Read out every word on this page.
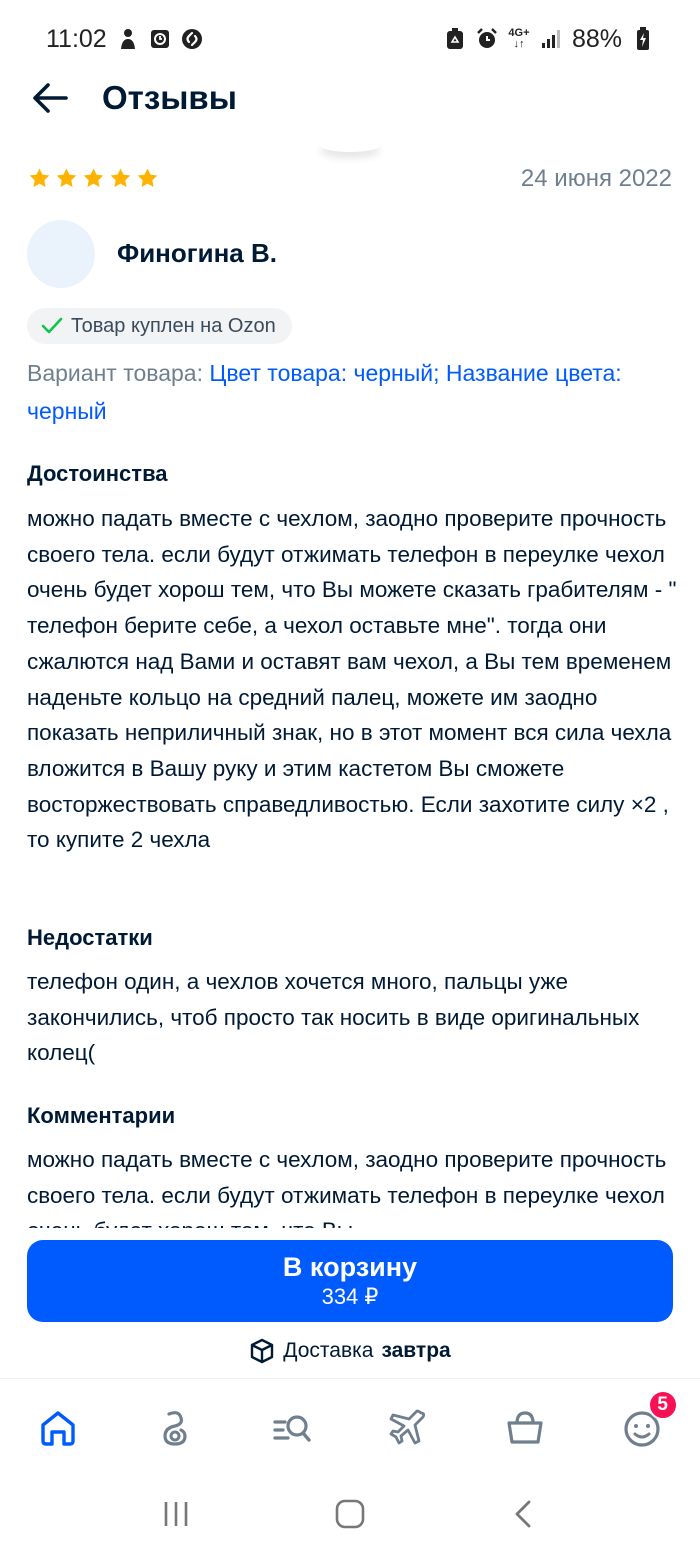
11:02	4G+
↓↑ 88%
Отзывы
24 июня 2022
Финогина В.
Товар куплен на Ozon
Вариант товара: Цвет товара: черный; Название цвета: черный
Достоинства
можно падать вместе с чехлом, заодно проверите прочность своего тела. если будут отжимать телефон в переулке чехол очень будет хорош тем, что Вы можете сказать грабителям - " телефон берите себе, а чехол оставьте мне". тогда они сжалются над Вами и оставят вам чехол, а Вы тем временем наденьте кольцо на средний палец, можете им заодно показать неприличный знак, но в этот момент вся сила чехла вложится в Вашу руку и этим кастетом Вы сможете восторжествовать справедливостью. Если захотите силу ×2 , то купите 2 чехла
Недостатки
телефон один, а чехлов хочется много, пальцы уже закончились, чтоб просто так носить в виде оригинальных колец(
Комментарии
можно падать вместе с чехлом, заодно проверите прочность своего тела. если будут отжимать телефон в переулке чехол
В корзину
334 ₽
Доставка завтра
5
